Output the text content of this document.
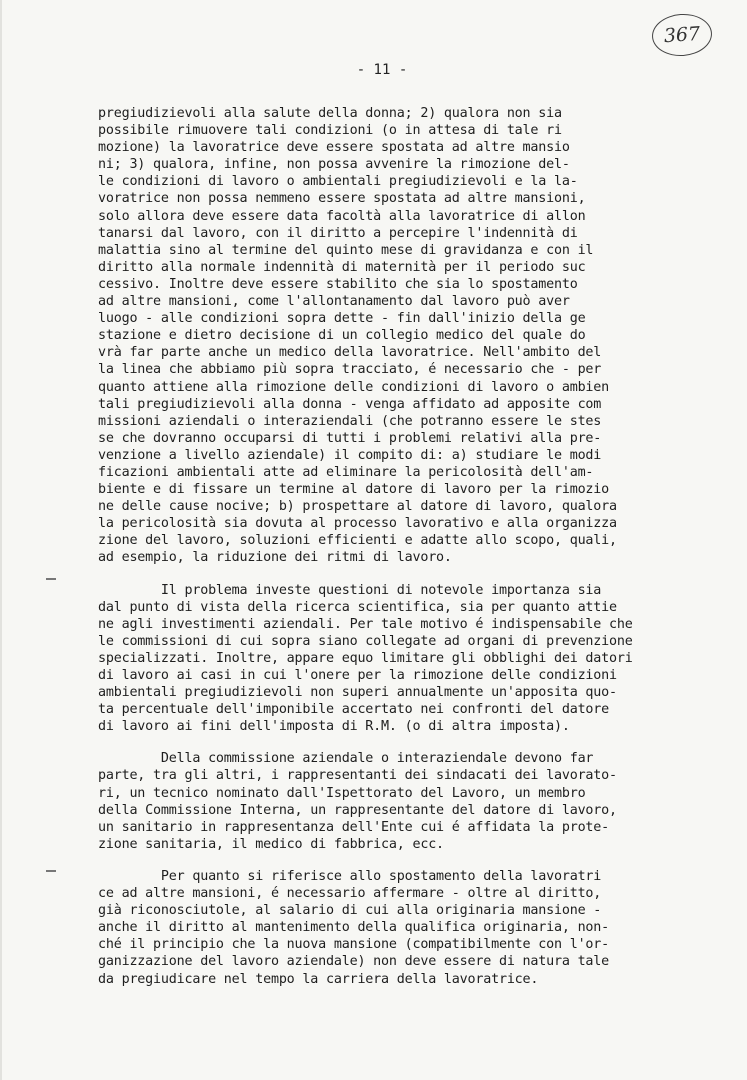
367
- 11 -
pregiudizievoli alla salute della donna; 2) qualora non sia
possibile rimuovere tali condizioni (o in attesa di tale ri
mozione) la lavoratrice deve essere spostata ad altre mansio
ni; 3) qualora, infine, non possa avvenire la rimozione del-
le condizioni di lavoro o ambientali pregiudizievoli e la la-
voratrice non possa nemmeno essere spostata ad altre mansioni,
solo allora deve essere data facoltà alla lavoratrice di allon
tanarsi dal lavoro, con il diritto a percepire l'indennità di
malattia sino al termine del quinto mese di gravidanza e con il
diritto alla normale indennità di maternità per il periodo suc
cessivo. Inoltre deve essere stabilito che sia lo spostamento
ad altre mansioni, come l'allontanamento dal lavoro può aver
luogo - alle condizioni sopra dette - fin dall'inizio della ge
stazione e dietro decisione di un collegio medico del quale do
vrà far parte anche un medico della lavoratrice. Nell'ambito del
la linea che abbiamo più sopra tracciato, é necessario che - per
quanto attiene alla rimozione delle condizioni di lavoro o ambien
tali pregiudizievoli alla donna - venga affidato ad apposite com
missioni aziendali o interaziendali (che potranno essere le stes
se che dovranno occuparsi di tutti i problemi relativi alla pre-
venzione a livello aziendale) il compito di: a) studiare le modi
ficazioni ambientali atte ad eliminare la pericolosità dell'am-
biente e di fissare un termine al datore di lavoro per la rimozio
ne delle cause nocive; b) prospettare al datore di lavoro, qualora
la pericolosità sia dovuta al processo lavorativo e alla organizza
zione del lavoro, soluzioni efficienti e adatte allo scopo, quali,
ad esempio, la riduzione dei ritmi di lavoro.
Il problema investe questioni di notevole importanza sia
dal punto di vista della ricerca scientifica, sia per quanto attie
ne agli investimenti aziendali. Per tale motivo é indispensabile che
le commissioni di cui sopra siano collegate ad organi di prevenzione
specializzati. Inoltre, appare equo limitare gli obblighi dei datori
di lavoro ai casi in cui l'onere per la rimozione delle condizioni
ambientali pregiudizievoli non superi annualmente un'apposita quo-
ta percentuale dell'imponibile accertato nei confronti del datore
di lavoro ai fini dell'imposta di R.M. (o di altra imposta).
Della commissione aziendale o interaziendale devono far
parte, tra gli altri, i rappresentanti dei sindacati dei lavorato-
ri, un tecnico nominato dall'Ispettorato del Lavoro, un membro
della Commissione Interna, un rappresentante del datore di lavoro,
un sanitario in rappresentanza dell'Ente cui é affidata la prote-
zione sanitaria, il medico di fabbrica, ecc.
Per quanto si riferisce allo spostamento della lavoratri
ce ad altre mansioni, é necessario affermare - oltre al diritto,
già riconosciutole, al salario di cui alla originaria mansione -
anche il diritto al mantenimento della qualifica originaria, non-
ché il principio che la nuova mansione (compatibilmente con l'or-
ganizzazione del lavoro aziendale) non deve essere di natura tale
da pregiudicare nel tempo la carriera della lavoratrice.
